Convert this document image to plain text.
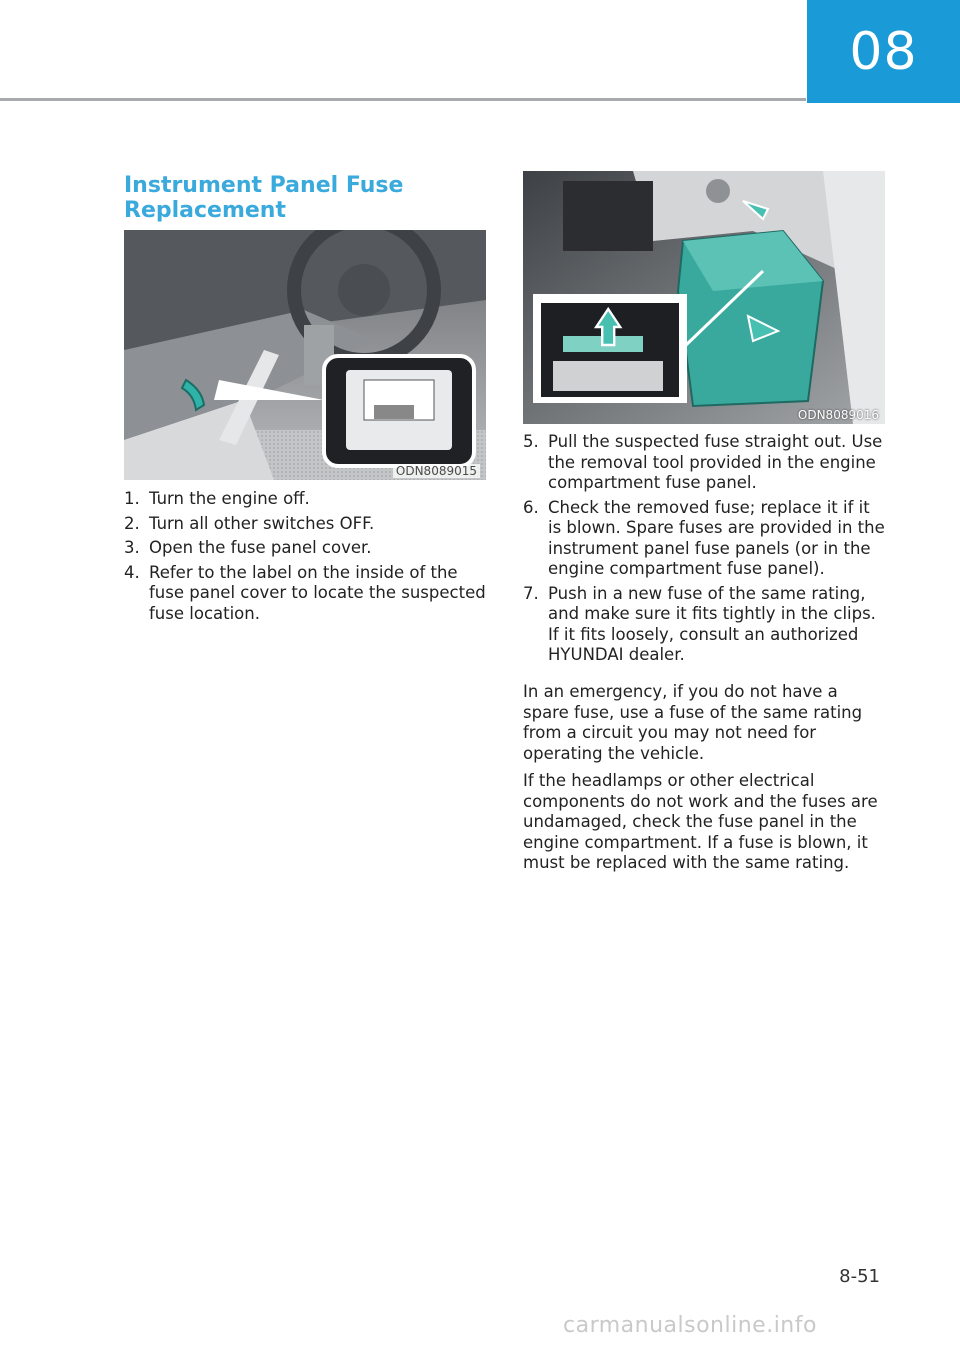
08
Instrument Panel Fuse
Replacement
ODN8089015
ODN8089016
1. Turn the engine off.
2. Turn all other switches OFF.
3. Open the fuse panel cover.
4. Refer to the label on the inside of the fuse panel cover to locate the suspected fuse location.
5. Pull the suspected fuse straight out. Use the removal tool provided in the engine compartment fuse panel.
6. Check the removed fuse; replace it if it is blown. Spare fuses are provided in the instrument panel fuse panels (or in the engine compartment fuse panel).
7. Push in a new fuse of the same rating, and make sure it fits tightly in the clips. If it fits loosely, consult an authorized HYUNDAI dealer.

In an emergency, if you do not have a spare fuse, use a fuse of the same rating from a circuit you may not need for operating the vehicle.

If the headlamps or other electrical components do not work and the fuses are undamaged, check the fuse panel in the engine compartment. If a fuse is blown, it must be replaced with the same rating.

8-51
carmanualsonline.info
